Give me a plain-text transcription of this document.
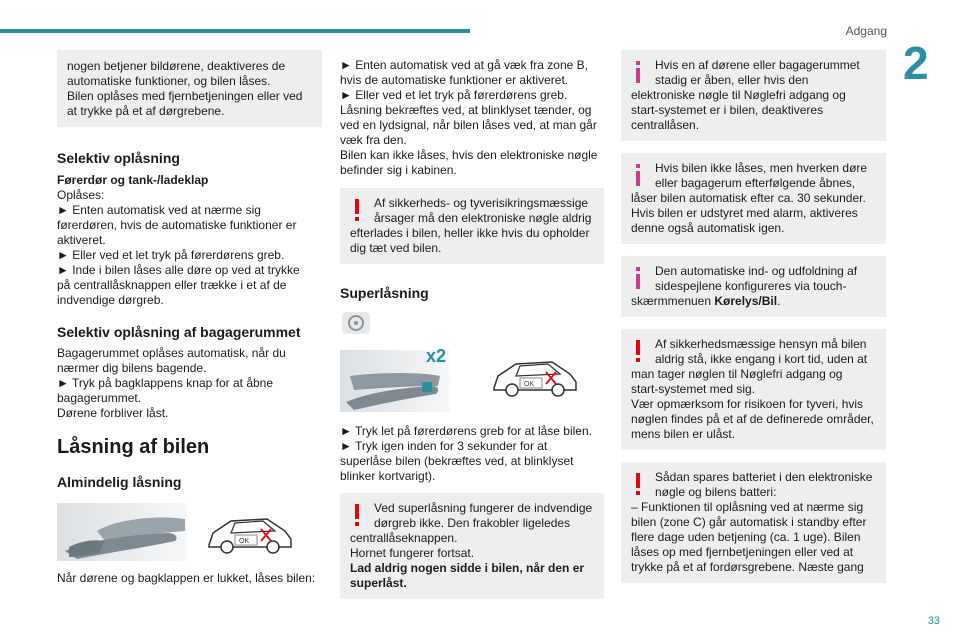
Adgang
2
33

nogen betjener bildørene, deaktiveres de

automatiske funktioner, og bilen låses.

Bilen oplåses med fjernbetjeningen eller ved

at trykke på et af dørgrebene.

Selektiv oplåsning

Førerdør og tank-/ladeklap

Oplåses:

► Enten automatisk ved at nærme sig

førerdøren, hvis de automatiske funktioner er

aktiveret.

► Eller ved et let tryk på førerdørens greb.

► Inde i bilen låses alle døre op ved at trykke

på centrallåsknappen eller trække i et af de

indvendige dørgreb.

Selektiv oplåsning af bagagerummet

Bagagerummet oplåses automatisk, når du

nærmer dig bilens bagende.

► Tryk på bagklappens knap for at åbne

bagagerummet.

Dørene forbliver låst.

Låsning af bilen
Almindelig låsning
OK

Når dørene og bagklappen er lukket, låses bilen:

► Enten automatisk ved at gå væk fra zone B,

hvis de automatiske funktioner er aktiveret.

► Eller ved et let tryk på førerdørens greb.

Låsning bekræftes ved, at blinklyset tænder, og

ved en lydsignal, når bilen låses ved, at man går

væk fra den.

Bilen kan ikke låses, hvis den elektroniske nøgle

befinder sig i kabinen.

Af sikkerheds- og tyverisikringsmæssige

årsager må den elektroniske nøgle aldrig

efterlades i bilen, heller ikke hvis du opholder

dig tæt ved bilen.

Superlåsning
x2
OK

► Tryk let på førerdørens greb for at låse bilen.

► Tryk igen inden for 3 sekunder for at

superlåse bilen (bekræftes ved, at blinklyset

blinker kortvarigt).

Ved superlåsning fungerer de indvendige

dørgreb ikke. Den frakobler ligeledes

centrallåseknappen.

Hornet fungerer fortsat.

Lad aldrig nogen sidde i bilen, når den er

superlåst.

Hvis en af dørene eller bagagerummet

stadig er åben, eller hvis den

elektroniske nøgle til Nøglefri adgang og

start-systemet er i bilen, deaktiveres

centrallåsen.

Hvis bilen ikke låses, men hverken døre

eller bagagerum efterfølgende åbnes,

låser bilen automatisk efter ca. 30 sekunder.

Hvis bilen er udstyret med alarm, aktiveres

denne også automatisk igen.

Den automatiske ind- og udfoldning af

sidespejlene konfigureres via touch-

skærmmenuen Kørelys/Bil.

Af sikkerhedsmæssige hensyn må bilen

aldrig stå, ikke engang i kort tid, uden at

man tager nøglen til Nøglefri adgang og

start-systemet med sig.

Vær opmærksom for risikoen for tyveri, hvis

nøglen findes på et af de definerede områder,

mens bilen er ulåst.

Sådan spares batteriet i den elektroniske

nøgle og bilens batteri:

– Funktionen til oplåsning ved at nærme sig

bilen (zone C) går automatisk i standby efter

flere dage uden betjening (ca. 1 uge). Bilen

låses op med fjernbetjeningen eller ved at

trykke på et af fordørsgrebene. Næste gang
